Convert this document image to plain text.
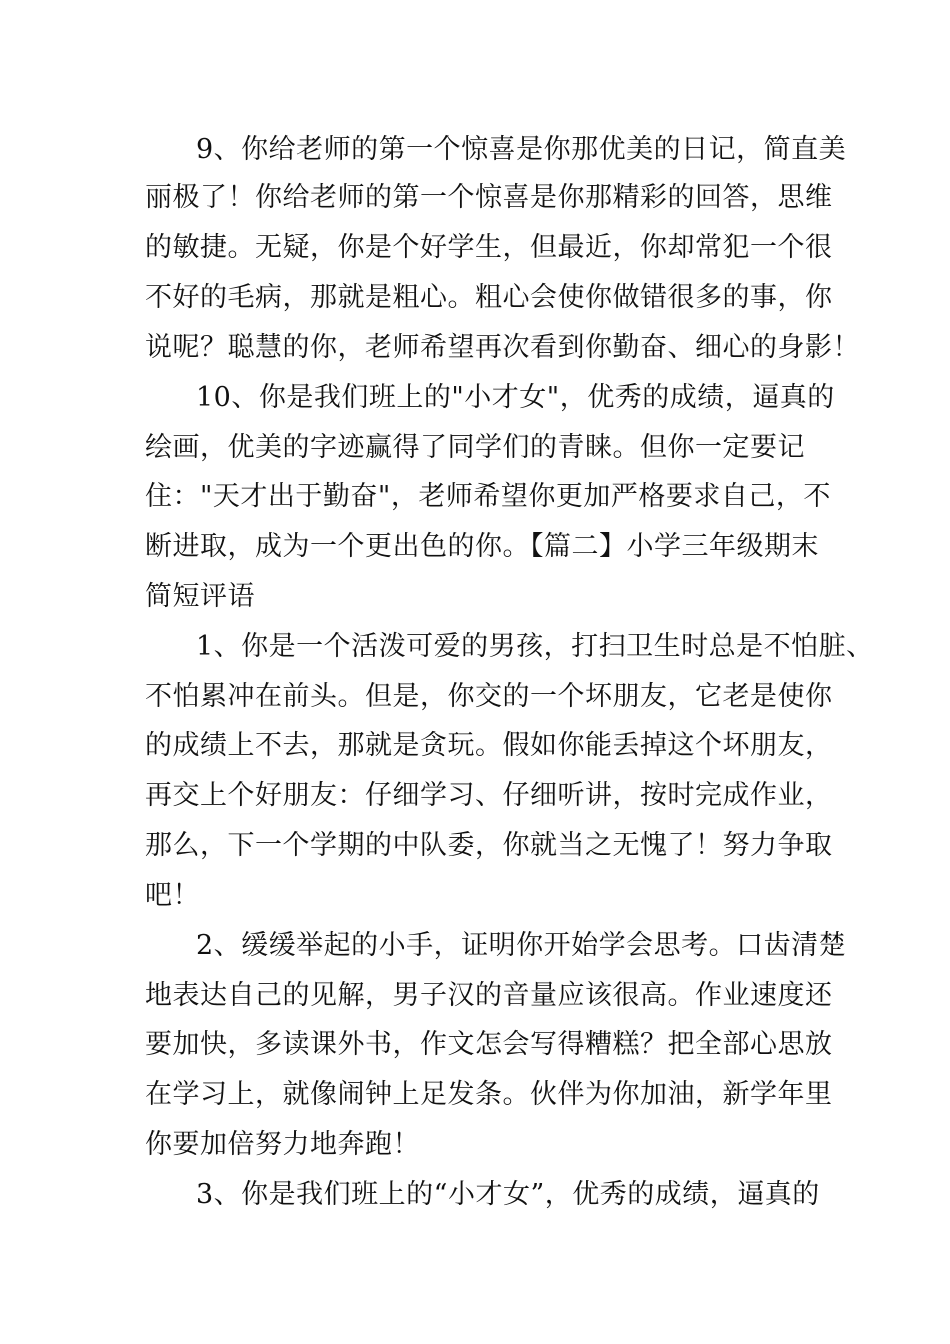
9、你给老师的第一个惊喜是你那优美的日记，简直美
丽极了！你给老师的第一个惊喜是你那精彩的回答，思维
的敏捷。无疑，你是个好学生，但最近，你却常犯一个很
不好的毛病，那就是粗心。粗心会使你做错很多的事，你
说呢？聪慧的你，老师希望再次看到你勤奋、细心的身影！
10、你是我们班上的"小才女"，优秀的成绩，逼真的
绘画，优美的字迹赢得了同学们的青睐。但你一定要记
住："天才出于勤奋"，老师希望你更加严格要求自己，不
断进取，成为一个更出色的你。【篇二】小学三年级期末
简短评语
1、你是一个活泼可爱的男孩，打扫卫生时总是不怕脏、
不怕累冲在前头。但是，你交的一个坏朋友，它老是使你
的成绩上不去，那就是贪玩。假如你能丢掉这个坏朋友，
再交上个好朋友：仔细学习、仔细听讲，按时完成作业，
那么，下一个学期的中队委，你就当之无愧了！努力争取
吧！
2、缓缓举起的小手，证明你开始学会思考。口齿清楚
地表达自己的见解，男子汉的音量应该很高。作业速度还
要加快，多读课外书，作文怎会写得糟糕？把全部心思放
在学习上，就像闹钟上足发条。伙伴为你加油，新学年里
你要加倍努力地奔跑！
3、你是我们班上的“小才女”，优秀的成绩，逼真的
